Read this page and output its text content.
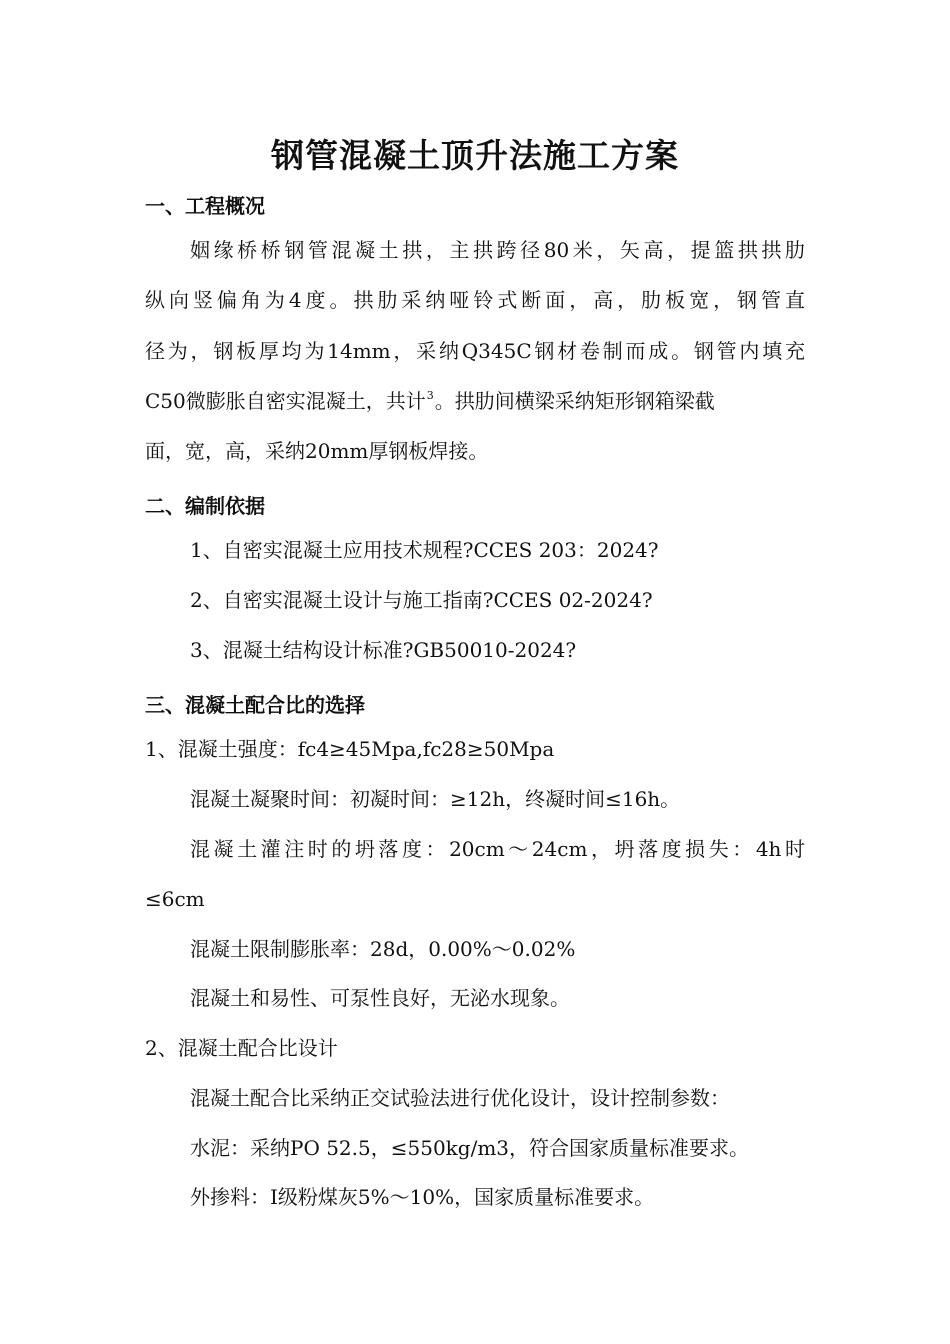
钢管混凝土顶升法施工方案
一、工程概况
姻缘桥桥钢管混凝土拱，主拱跨径80米，矢高，提篮拱拱肋
纵向竖偏角为4度。拱肋采纳哑铃式断面，高，肋板宽，钢管直
径为，钢板厚均为14mm，采纳Q345C钢材卷制而成。钢管内填充
C50微膨胀自密实混凝土，共计$^3$。拱肋间横梁采纳矩形钢箱梁截
面，宽，高，采纳20mm厚钢板焊接。
二、编制依据
1、自密实混凝土应用技术规程?CCES 203：2024?
2、自密实混凝土设计与施工指南?CCES 02-2024?
3、混凝土结构设计标准?GB50010-2024?
三、混凝土配合比的选择
1、混凝土强度：fc4≥45Mpa,fc28≥50Mpa
混凝土凝聚时间：初凝时间：≥12h，终凝时间≤16h。
混凝土灌注时的坍落度：20cm～24cm，坍落度损失：4h时
≤6cm
混凝土限制膨胀率：28d，0.00%～0.02%
混凝土和易性、可泵性良好，无泌水现象。
2、混凝土配合比设计
混凝土配合比采纳正交试验法进行优化设计，设计控制参数：
水泥：采纳PO 52.5，≤550kg/m3，符合国家质量标准要求。
外掺料：Ⅰ级粉煤灰5%～10%，国家质量标准要求。
